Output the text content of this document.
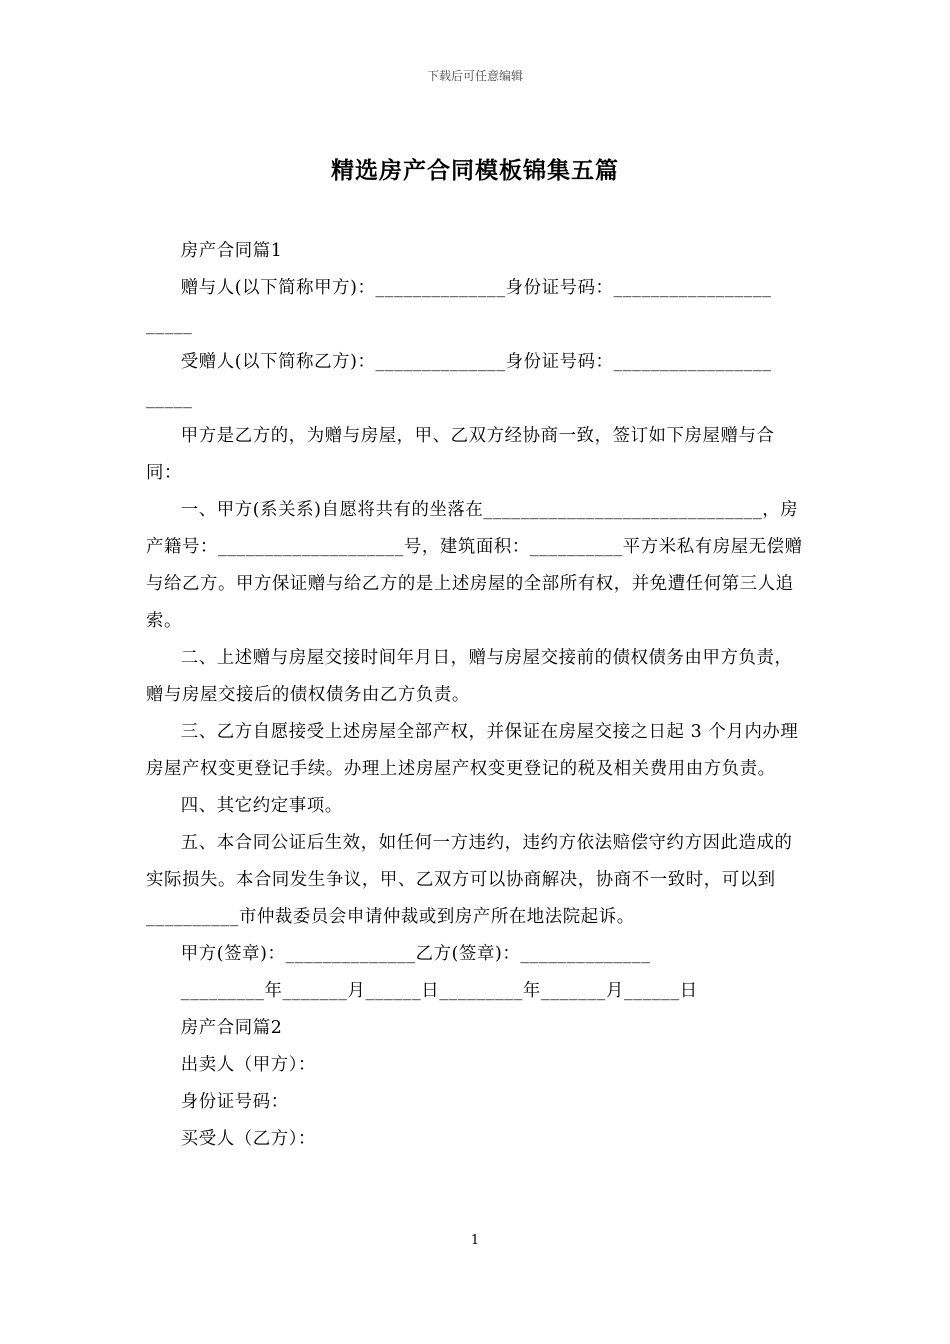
下载后可任意编辑
精选房产合同模板锦集五篇

房产合同篇1

赠与人(以下简称甲方)：______________身份证号码：_________________

_____

受赠人(以下简称乙方)：______________身份证号码：_________________

_____

甲方是乙方的，为赠与房屋，甲、乙双方经协商一致，签订如下房屋赠与合同：

一、甲方(系关系)自愿将共有的坐落在______________________________，房产籍号：____________________号，建筑面积：__________平方米私有房屋无偿赠与给乙方。甲方保证赠与给乙方的是上述房屋的全部所有权，并免遭任何第三人追索。

二、上述赠与房屋交接时间年月日，赠与房屋交接前的债权债务由甲方负责，赠与房屋交接后的债权债务由乙方负责。

三、乙方自愿接受上述房屋全部产权，并保证在房屋交接之日起 3 个月内办理房屋产权变更登记手续。办理上述房屋产权变更登记的税及相关费用由方负责。

四、其它约定事项。

五、本合同公证后生效，如任何一方违约，违约方依法赔偿守约方因此造成的实际损失。本合同发生争议，甲、乙双方可以协商解决，协商不一致时，可以到__________市仲裁委员会申请仲裁或到房产所在地法院起诉。

甲方(签章)：______________乙方(签章)：______________

_________年_______月______日_________年_______月______日

房产合同篇2

出卖人（甲方）：

身份证号码：

买受人（乙方）：

1
